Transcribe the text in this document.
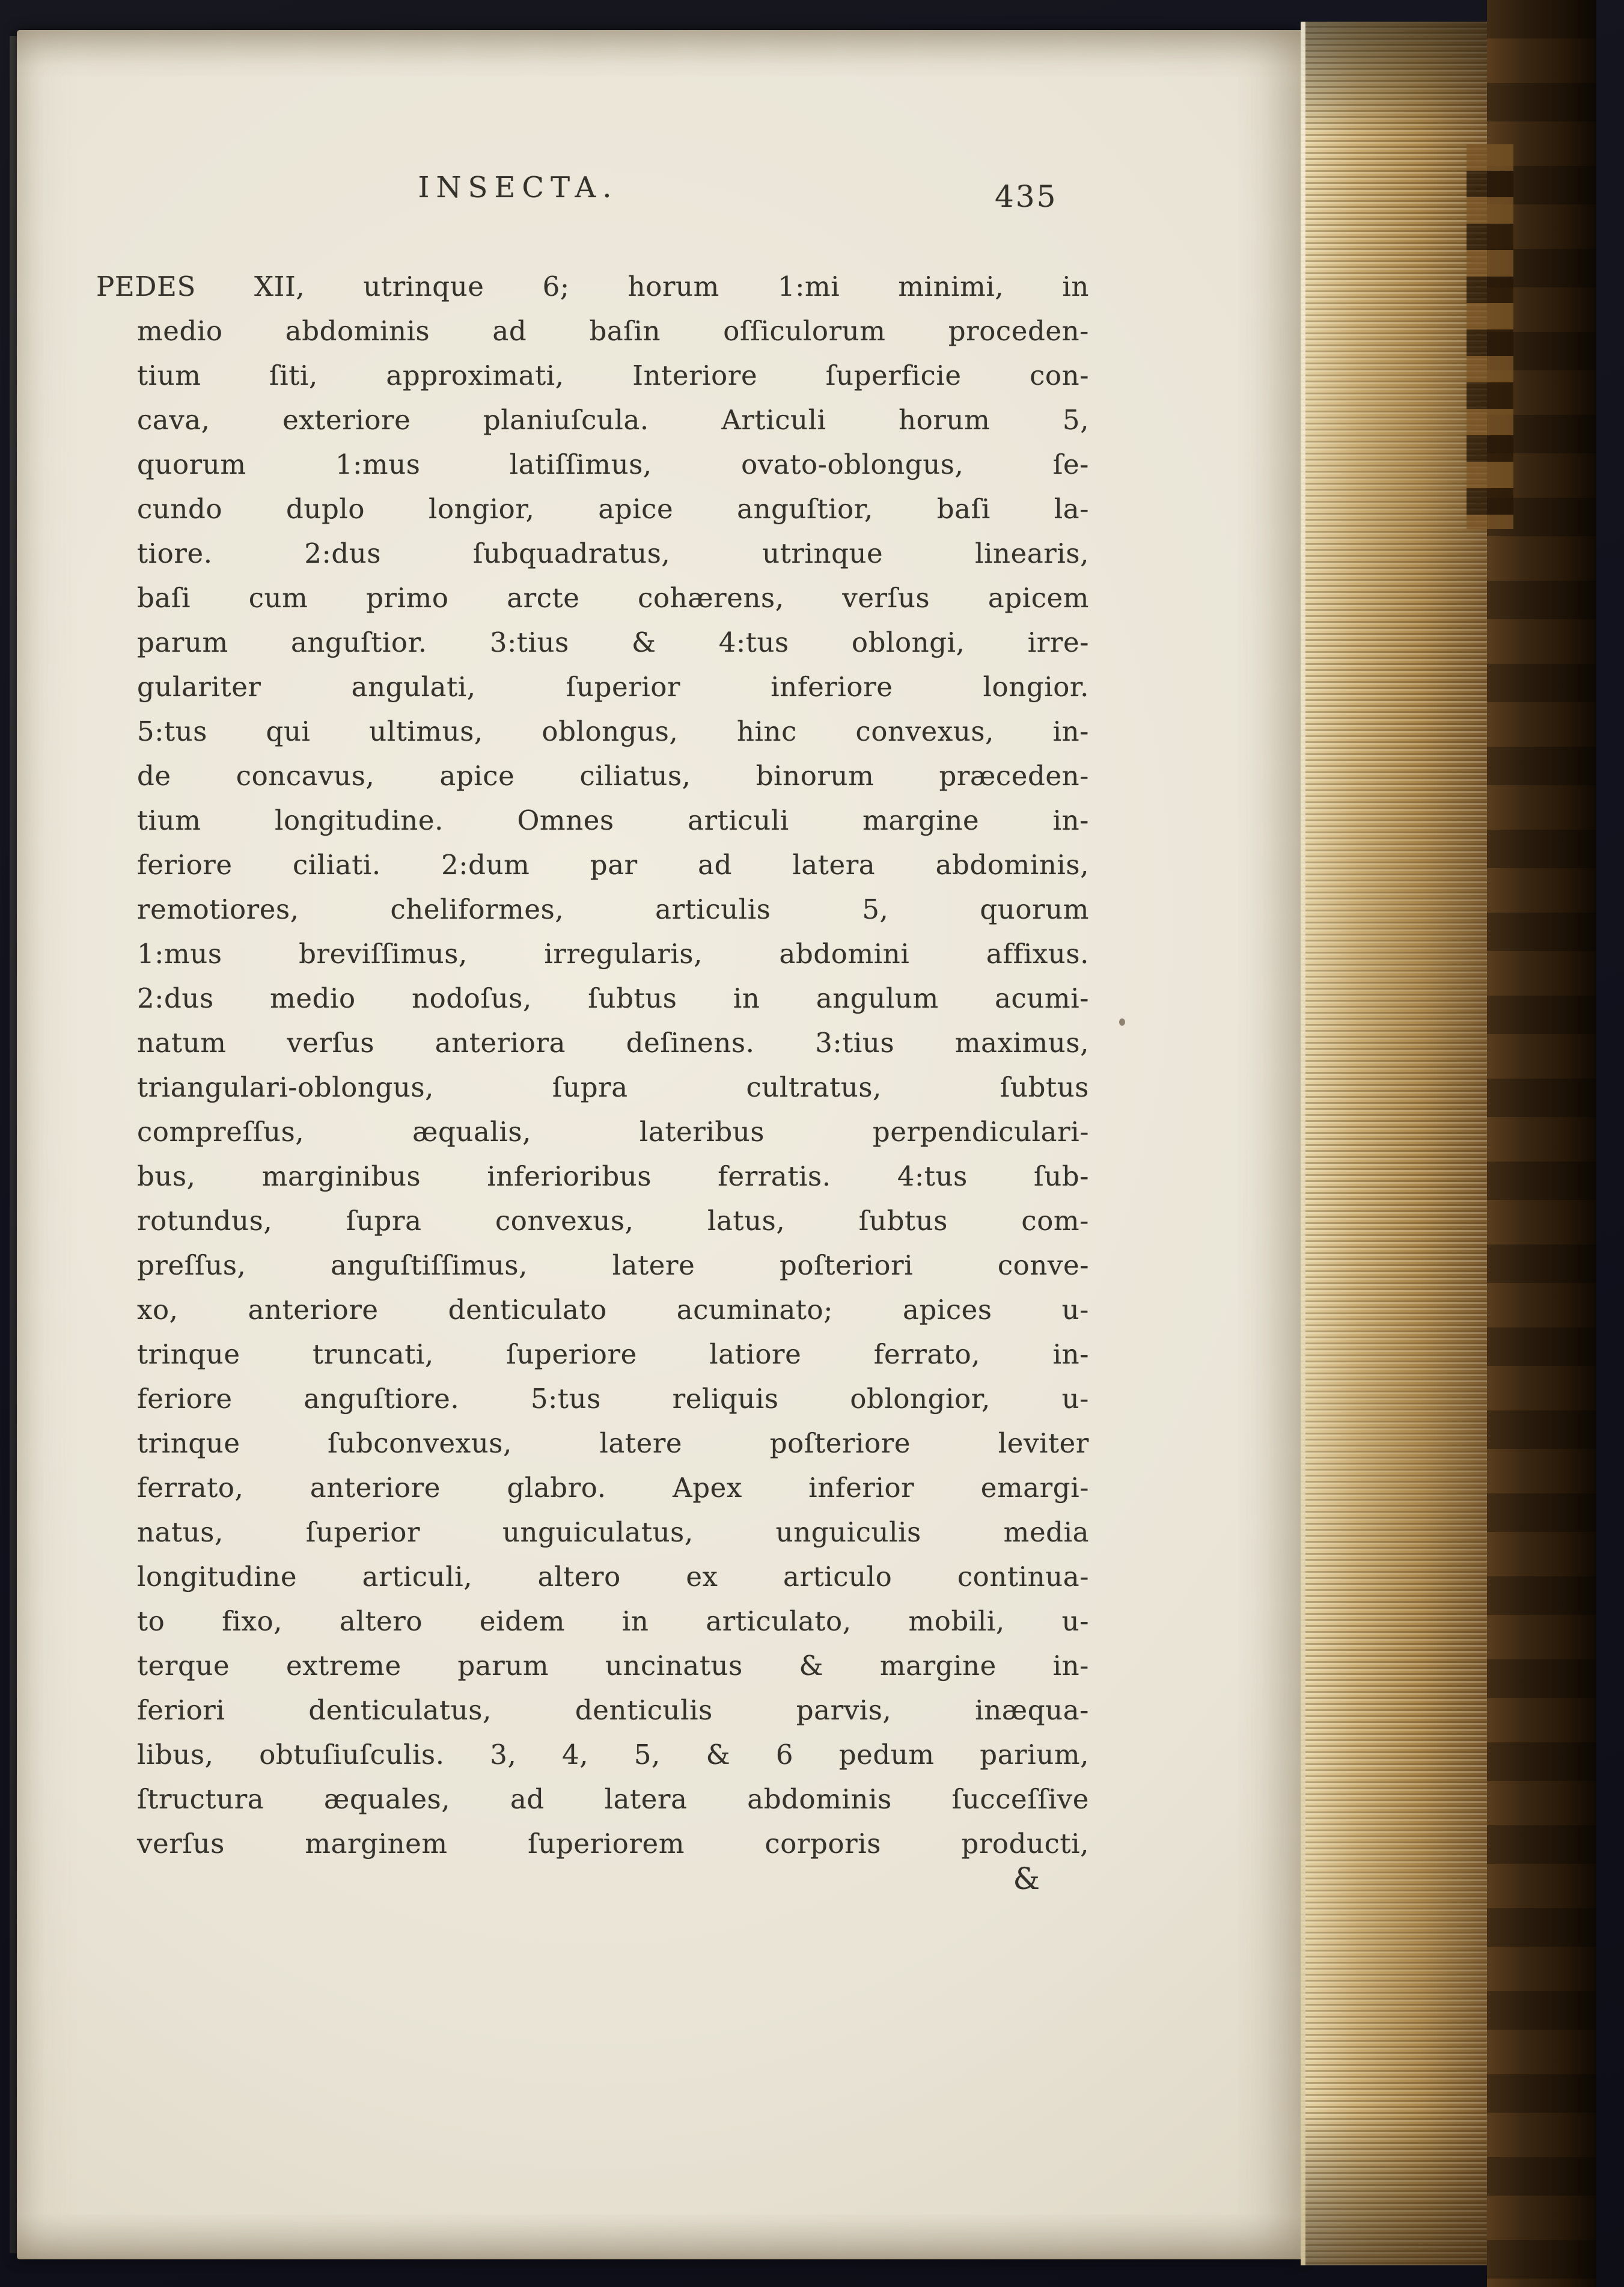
INSECTA.	435
PEDES XII, utrinque 6; horum 1:mi minimi, in
medio abdominis ad baſin oſſiculorum proceden-
tium ſiti, approximati, Interiore ſuperficie con-
cava, exteriore planiuſcula. Articuli horum 5,
quorum 1:mus latiſſimus, ovato-oblongus, ſe-
cundo duplo longior, apice anguſtior, baſi la-
tiore. 2:dus ſubquadratus, utrinque linearis,
baſi cum primo arcte cohærens, verſus apicem
parum anguſtior. 3:tius & 4:tus oblongi, irre-
gulariter angulati, ſuperior inferiore longior.
5:tus qui ultimus, oblongus, hinc convexus, in-
de concavus, apice ciliatus, binorum præceden-
tium longitudine. Omnes articuli margine in-
feriore ciliati. 2:dum par ad latera abdominis,
remotiores, cheliformes, articulis 5, quorum
1:mus breviſſimus, irregularis, abdomini affixus.
2:dus medio nodoſus, ſubtus in angulum acumi-
natum verſus anteriora deſinens. 3:tius maximus,
triangulari-oblongus, ſupra cultratus, ſubtus
compreſſus, æqualis, lateribus perpendiculari-
bus, marginibus inferioribus ferratis. 4:tus ſub-
rotundus, ſupra convexus, latus, ſubtus com-
preſſus, anguſtiſſimus, latere poſteriori conve-
xo, anteriore denticulato acuminato; apices u-
trinque truncati, ſuperiore latiore ferrato, in-
feriore anguſtiore. 5:tus reliquis oblongior, u-
trinque ſubconvexus, latere poſteriore leviter
ferrato, anteriore glabro. Apex inferior emargi-
natus, ſuperior unguiculatus, unguiculis media
longitudine articuli, altero ex articulo continua-
to fixo, altero eidem in articulato, mobili, u-
terque extreme parum uncinatus & margine in-
feriori denticulatus, denticulis parvis, inæqua-
libus, obtuſiuſculis. 3, 4, 5, & 6 pedum parium,
ſtructura æquales, ad latera abdominis ſucceſſive
verſus marginem ſuperiorem corporis producti,
&
